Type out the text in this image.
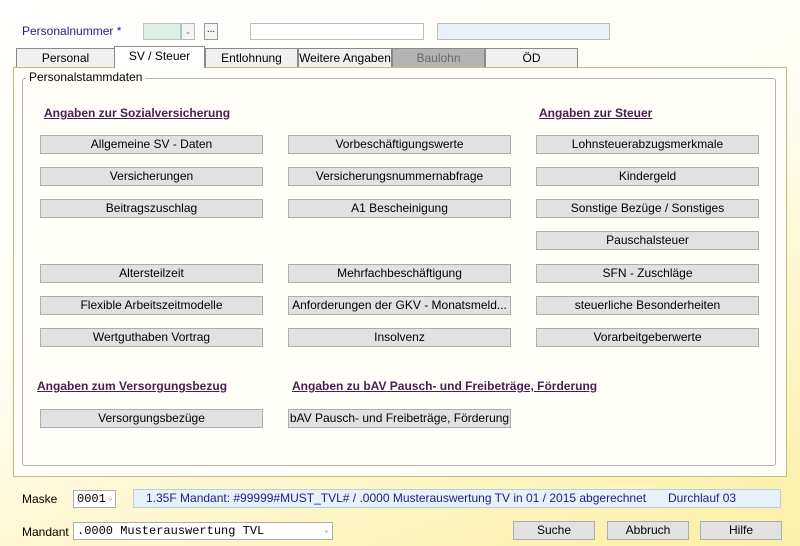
Personalnummer *	⌄	...
Personal	SV / Steuer	Entlohnung	Weitere Angaben	Baulohn	ÖD
Personalstammdaten
Angaben zur Sozialversicherung	Angaben zur Steuer
Allgemeine SV - Daten
Versicherungen
Beitragszuschlag
Altersteilzeit
Flexible Arbeitszeitmodelle
Wertguthaben Vortrag
Vorbeschäftigungswerte
Versicherungsnummernabfrage
A1 Bescheinigung
Mehrfachbeschäftigung
Anforderungen der GKV - Monatsmeld...
Insolvenz
Lohnsteuerabzugsmerkmale
Kindergeld
Sonstige Bezüge / Sonstiges
Pauschalsteuer
SFN - Zuschläge
steuerliche Besonderheiten
Vorarbeitgeberwerte
Angaben zum Versorgungsbezug	Angaben zu bAV Pausch- und Freibeträge, Förderung
Versorgungsbezüge	bAV Pausch- und Freibeträge, Förderung
Maske	0001 ⌄	1.35F Mandant: #99999#MUST_TVL# / .0000 Musterauswertung TV in 01 / 2015 abgerechnet Durchlauf 03
Mandant .0000 Musterauswertung TVL	⌄	Suche	Abbruch	Hilfe
